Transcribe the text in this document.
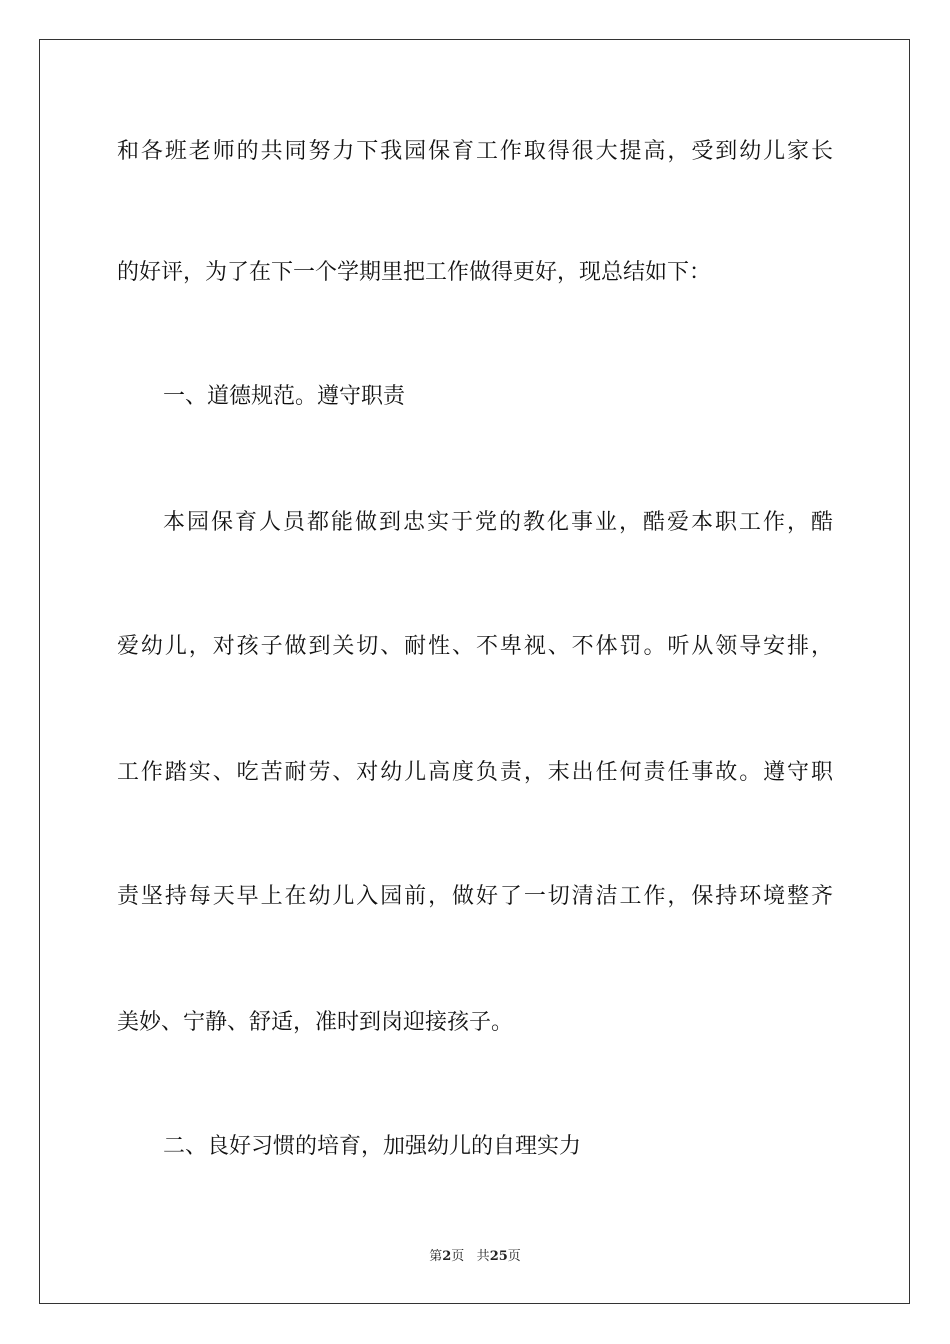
和各班老师的共同努力下我园保育工作取得很大提高，受到幼儿家长
的好评，为了在下一个学期里把工作做得更好，现总结如下：
一、道德规范。遵守职责
本园保育人员都能做到忠实于党的教化事业，酷爱本职工作，酷
爱幼儿，对孩子做到关切、耐性、不卑视、不体罚。听从领导安排，
工作踏实、吃苦耐劳、对幼儿高度负责，末出任何责任事故。遵守职
责坚持每天早上在幼儿入园前，做好了一切清洁工作，保持环境整齐
美妙、宁静、舒适，准时到岗迎接孩子。
二、良好习惯的培育，加强幼儿的自理实力
第2页 共25页
